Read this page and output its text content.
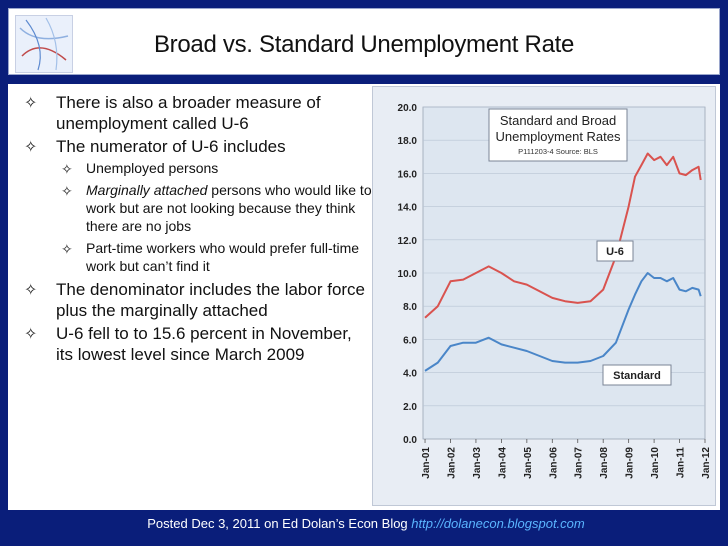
Broad vs. Standard Unemployment Rate
✧ There is also a broader measure of unemployment called U-6
✧ The numerator of U-6 includes
✧ Unemployed persons
✧ Marginally attached persons who would like to work but are not looking because they think there are no jobs
✧ Part-time workers who would prefer full-time work but can’t find it
✧ The denominator includes the labor force plus the marginally attached
✧ U-6 fell to to 15.6 percent in November, its lowest level since March 2009
0.0
2.0
4.0
6.0
8.0
10.0
12.0
14.0
16.0
18.0
20.0
Jan-01 Jan-02 Jan-03 Jan-04 Jan-05 Jan-06 Jan-07 Jan-08 Jan-09 Jan-10 Jan-11 Jan-12
Standard and Broad
Unemployment Rates
P111203-4 Source: BLS
U-6
Standard
Posted Dec 3, 2011 on Ed Dolan’s Econ Blog http://dolanecon.blogspot.com
